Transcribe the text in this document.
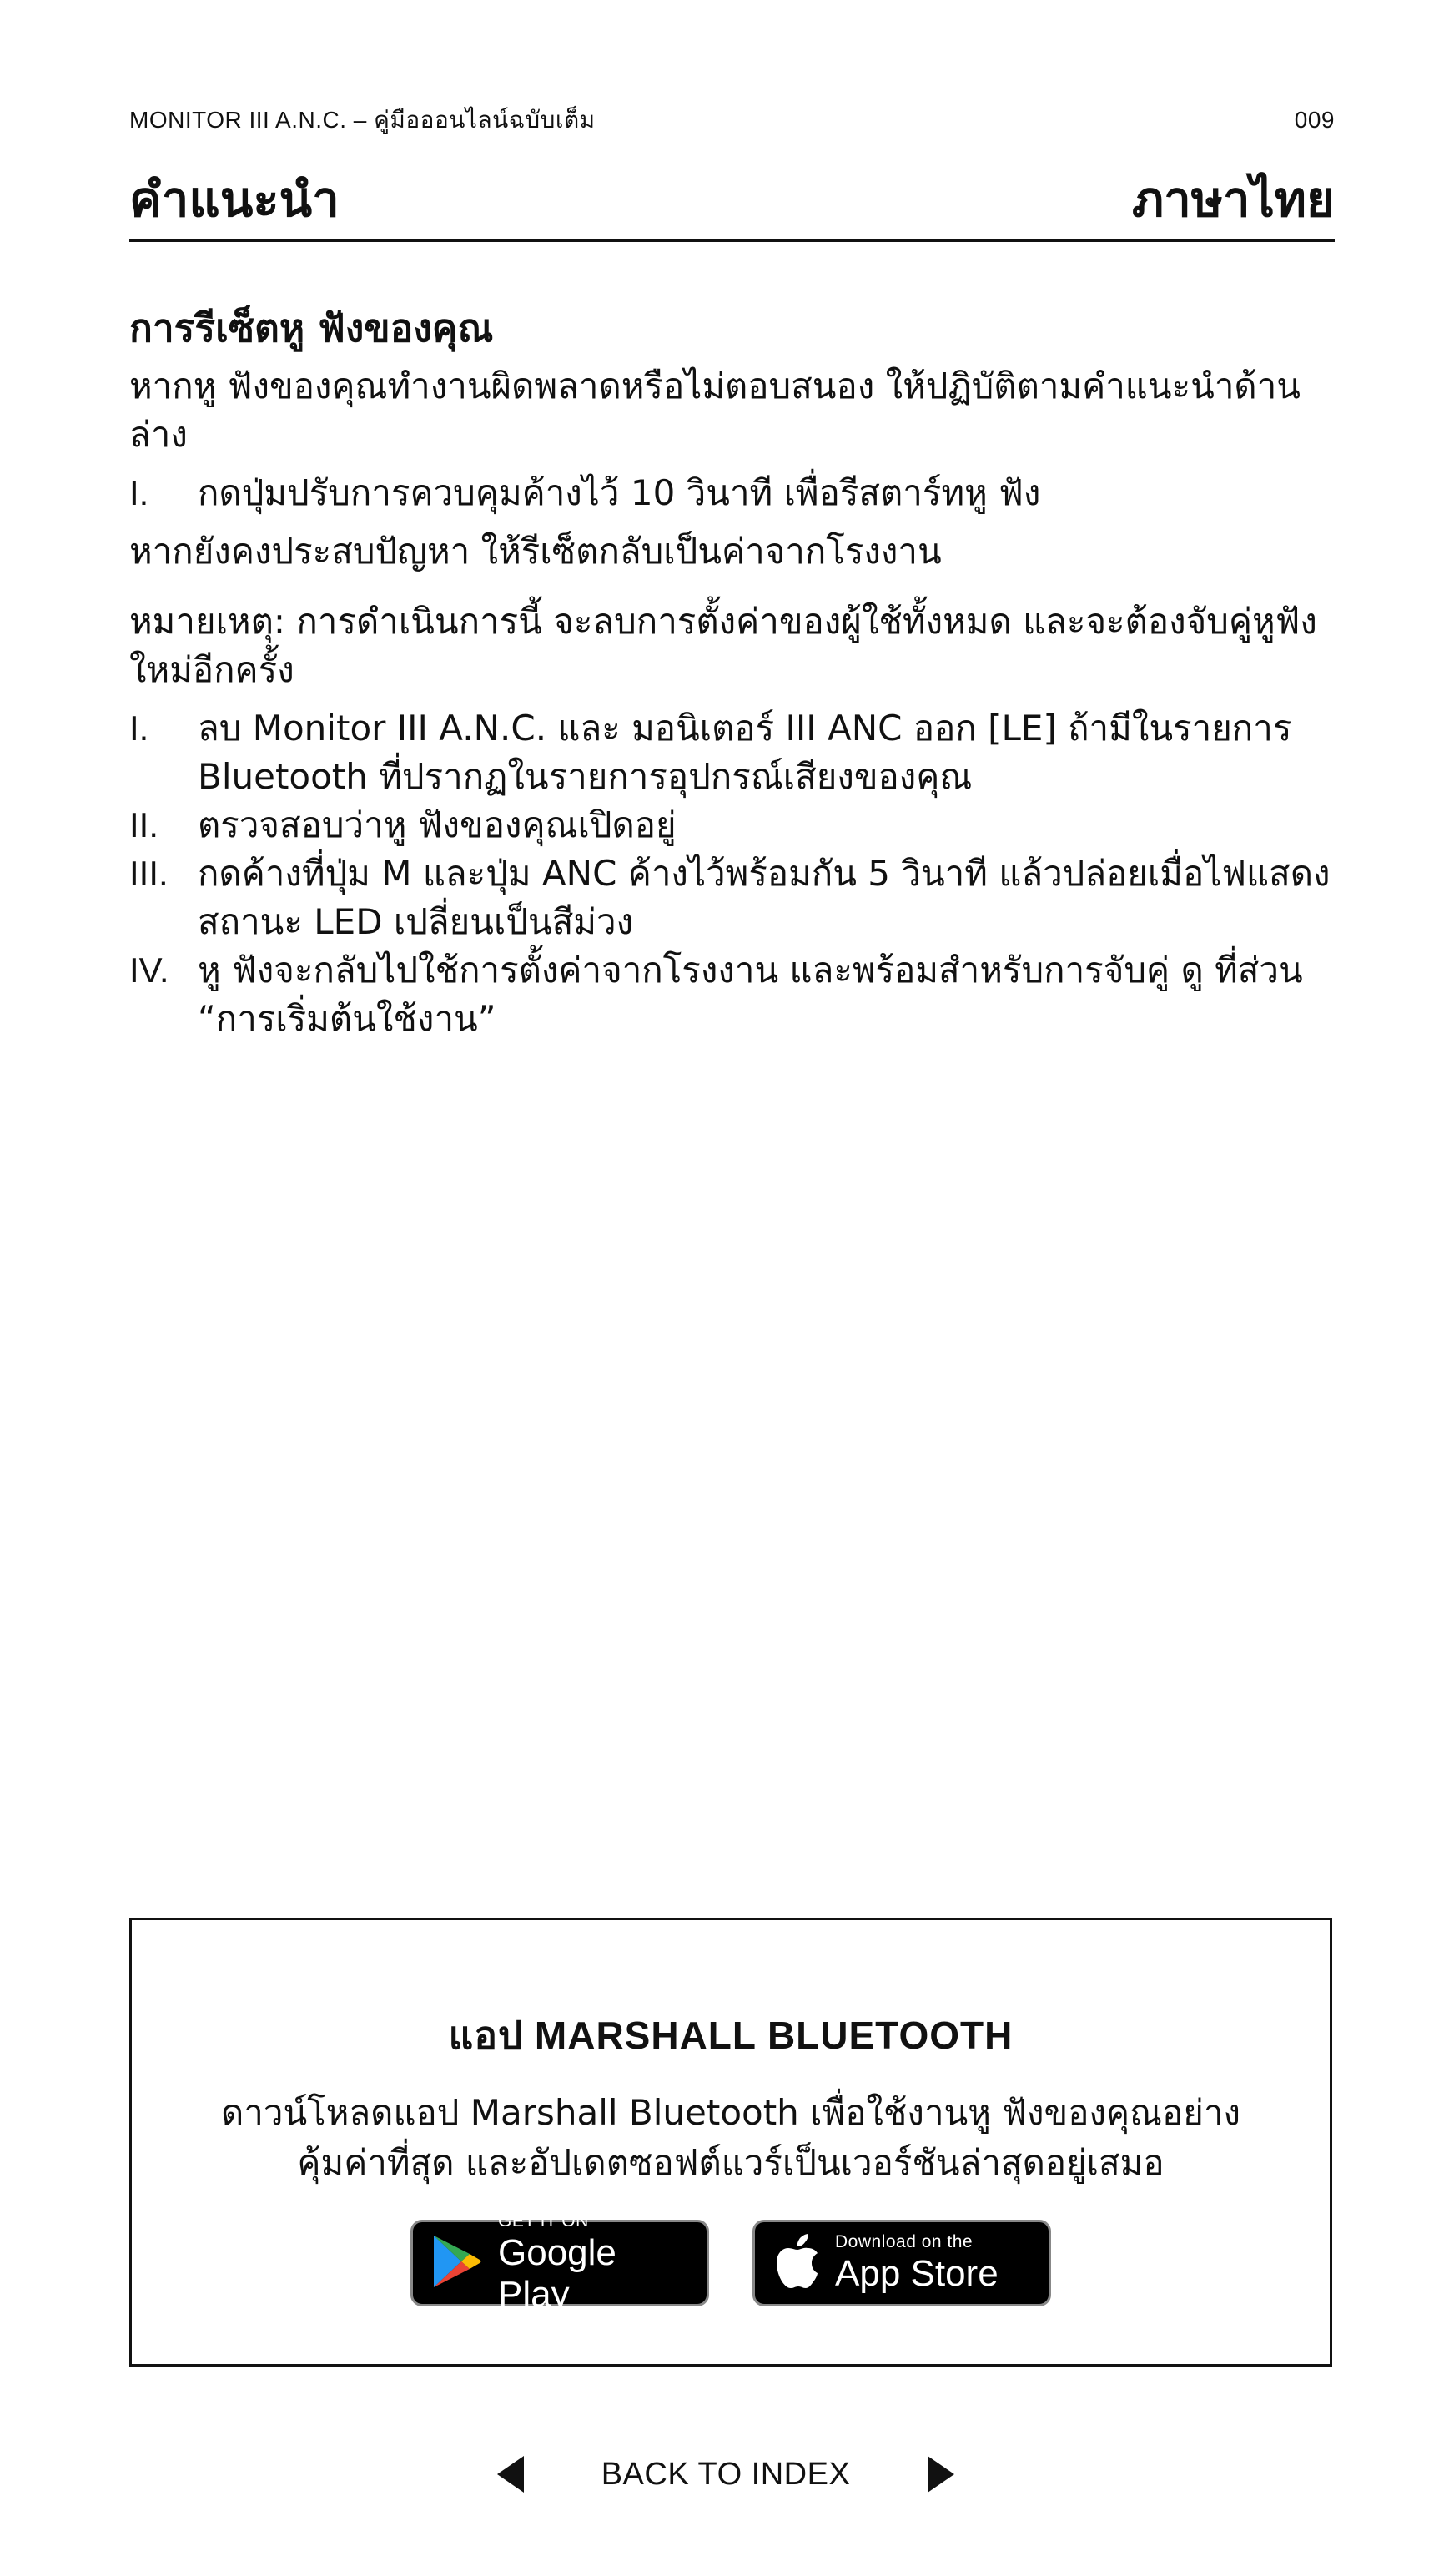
MONITOR III A.N.C. – คู่มือออนไลน์ฉบับเต็ม	009
คำแนะนำ	ภาษาไทย
การรีเซ็ตหู ฟังของคุณ

หากหู ฟังของคุณทำงานผิดพลาดหรือไม่ตอบสนอง ให้ปฏิบัติตามคำแนะนำด้านล่าง

I.	กดปุ่มปรับการควบคุมค้างไว้ 10 วินาที เพื่อรีสตาร์ทหู ฟัง

หากยังคงประสบปัญหา ให้รีเซ็ตกลับเป็นค่าจากโรงงาน

หมายเหตุ: การดำเนินการนี้ จะลบการตั้งค่าของผู้ใช้ทั้งหมด และจะต้องจับคู่หูฟังใหม่อีกครั้ง

I.	ลบ Monitor III A.N.C. และ มอนิเตอร์ III ANC ออก [LE] ถ้ามีในรายการ Bluetooth ที่ปรากฏในรายการอุปกรณ์เสียงของคุณ
II.	ตรวจสอบว่าหู ฟังของคุณเปิดอยู่
III. กดค้างที่ปุ่ม M และปุ่ม ANC ค้างไว้พร้อมกัน 5 วินาที แล้วปล่อยเมื่อไฟแสดงสถานะ LED เปลี่ยนเป็นสีม่วง
IV. หู ฟังจะกลับไปใช้การตั้งค่าจากโรงงาน และพร้อมสำหรับการจับคู่ ดู ที่ส่วน “การเริ่มต้นใช้งาน”
แอป MARSHALL BLUETOOTH
ดาวน์โหลดแอป Marshall Bluetooth เพื่อใช้งานหู ฟังของคุณอย่างคุ้มค่าที่สุด และอัปเดตซอฟต์แวร์เป็นเวอร์ชันล่าสุดอยู่เสมอ
GET IT ON
Google Play
Download on the
App Store
BACK TO INDEX
